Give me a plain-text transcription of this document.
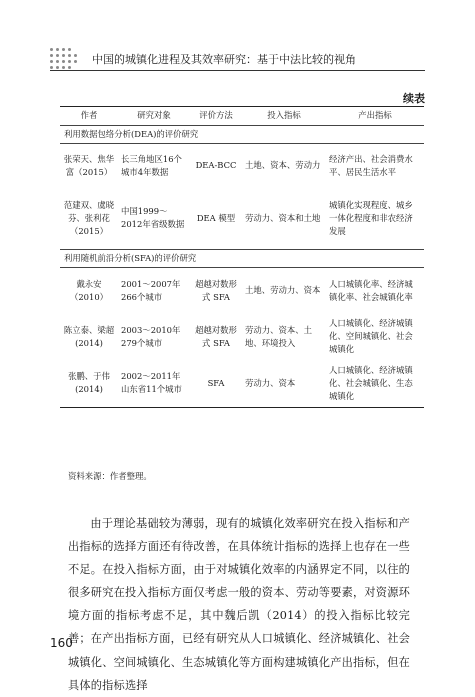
中国的城镇化进程及其效率研究：基于中法比较的视角
续表
作者	研究对象	评价方法	投入指标	产出指标
利用数据包络分析(DEA)的评价研究				
张荣天、焦华富（2015）	长三角地区16个城市4年数据	DEA-BCC	土地、资本、劳动力	经济产出、社会消费水平、居民生活水平
范建双、虞晓芬、张利花（2015）	中国1999～2012年省级数据	DEA 模型	劳动力、资本和土地	城镇化实现程度、城乡一体化程度和非农经济发展
利用随机前沿分析(SFA)的评价研究				
戴永安（2010）	2001～2007年266个城市	超越对数形式 SFA	土地、劳动力、资本	人口城镇化率、经济城镇化率、社会城镇化率
陈立泰、梁超(2014)	2003～2010年279个城市	超越对数形式 SFA	劳动力、资本、土地、环境投入	人口城镇化、经济城镇化、空间城镇化、社会城镇化
张鹏、于伟(2014)	2002～2011年山东省11个城市	SFA	劳动力、资本	人口城镇化、经济城镇化、社会城镇化、生态城镇化
资料来源：作者整理。

由于理论基础较为薄弱，现有的城镇化效率研究在投入指标和产出指标的选择方面还有待改善，在具体统计指标的选择上也存在一些不足。在投入指标方面，由于对城镇化效率的内涵界定不同，以往的很多研究在投入指标方面仅考虑一般的资本、劳动等要素，对资源环境方面的指标考虑不足，其中魏后凯（2014）的投入指标比较完善；在产出指标方面，已经有研究从人口城镇化、经济城镇化、社会城镇化、空间城镇化、生态城镇化等方面构建城镇化产出指标，但在具体的指标选择

160
